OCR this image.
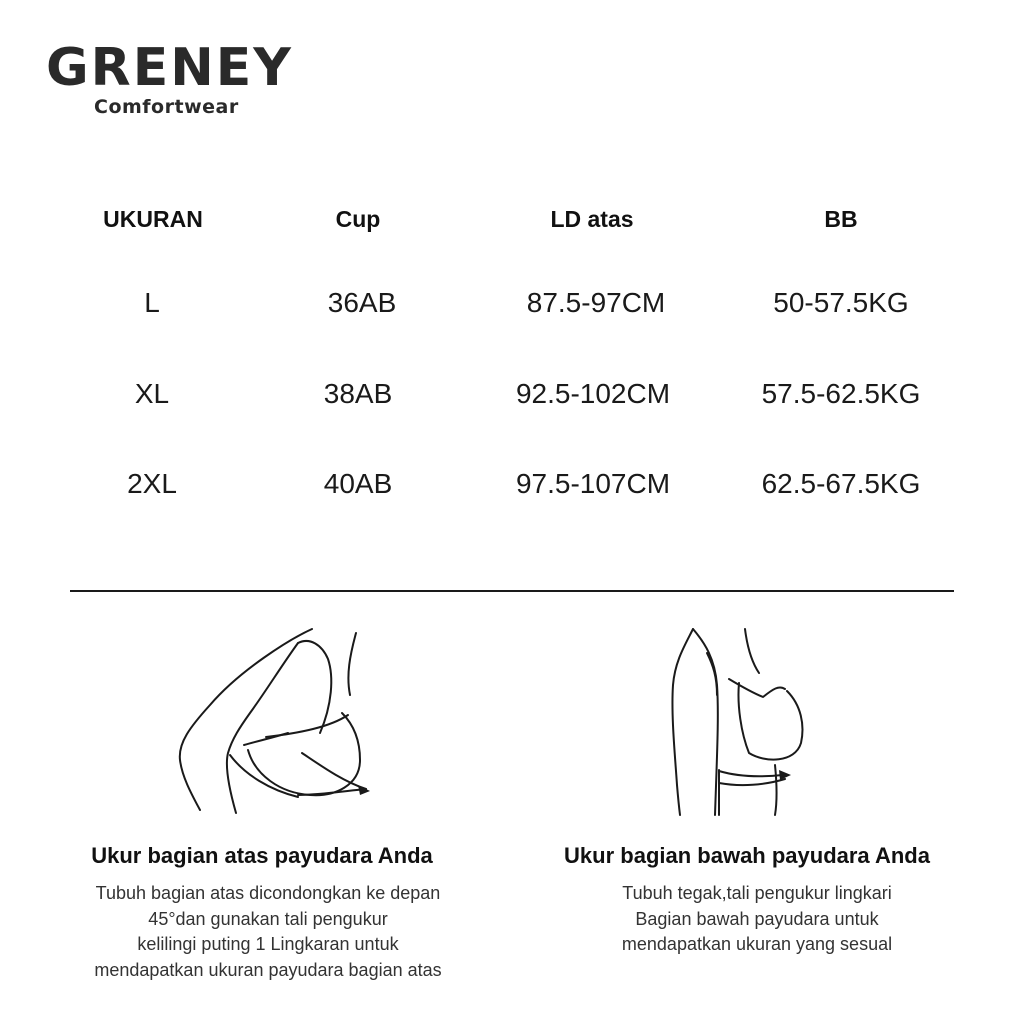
GRENEY
Comfortwear
UKURAN	Cup	LD atas	BB
L	36AB	87.5-97CM	50-57.5KG
XL	38AB	92.5-102CM	57.5-62.5KG
2XL	40AB	97.5-107CM	62.5-67.5KG
Ukur bagian atas payudara Anda
Tubuh bagian atas dicondongkan ke depan
45°dan gunakan tali pengukur
kelilingi puting 1 Lingkaran untuk
mendapatkan ukuran payudara bagian atas
Ukur bagian bawah payudara Anda
Tubuh tegak,tali pengukur lingkari
Bagian bawah payudara untuk
mendapatkan ukuran yang sesual
